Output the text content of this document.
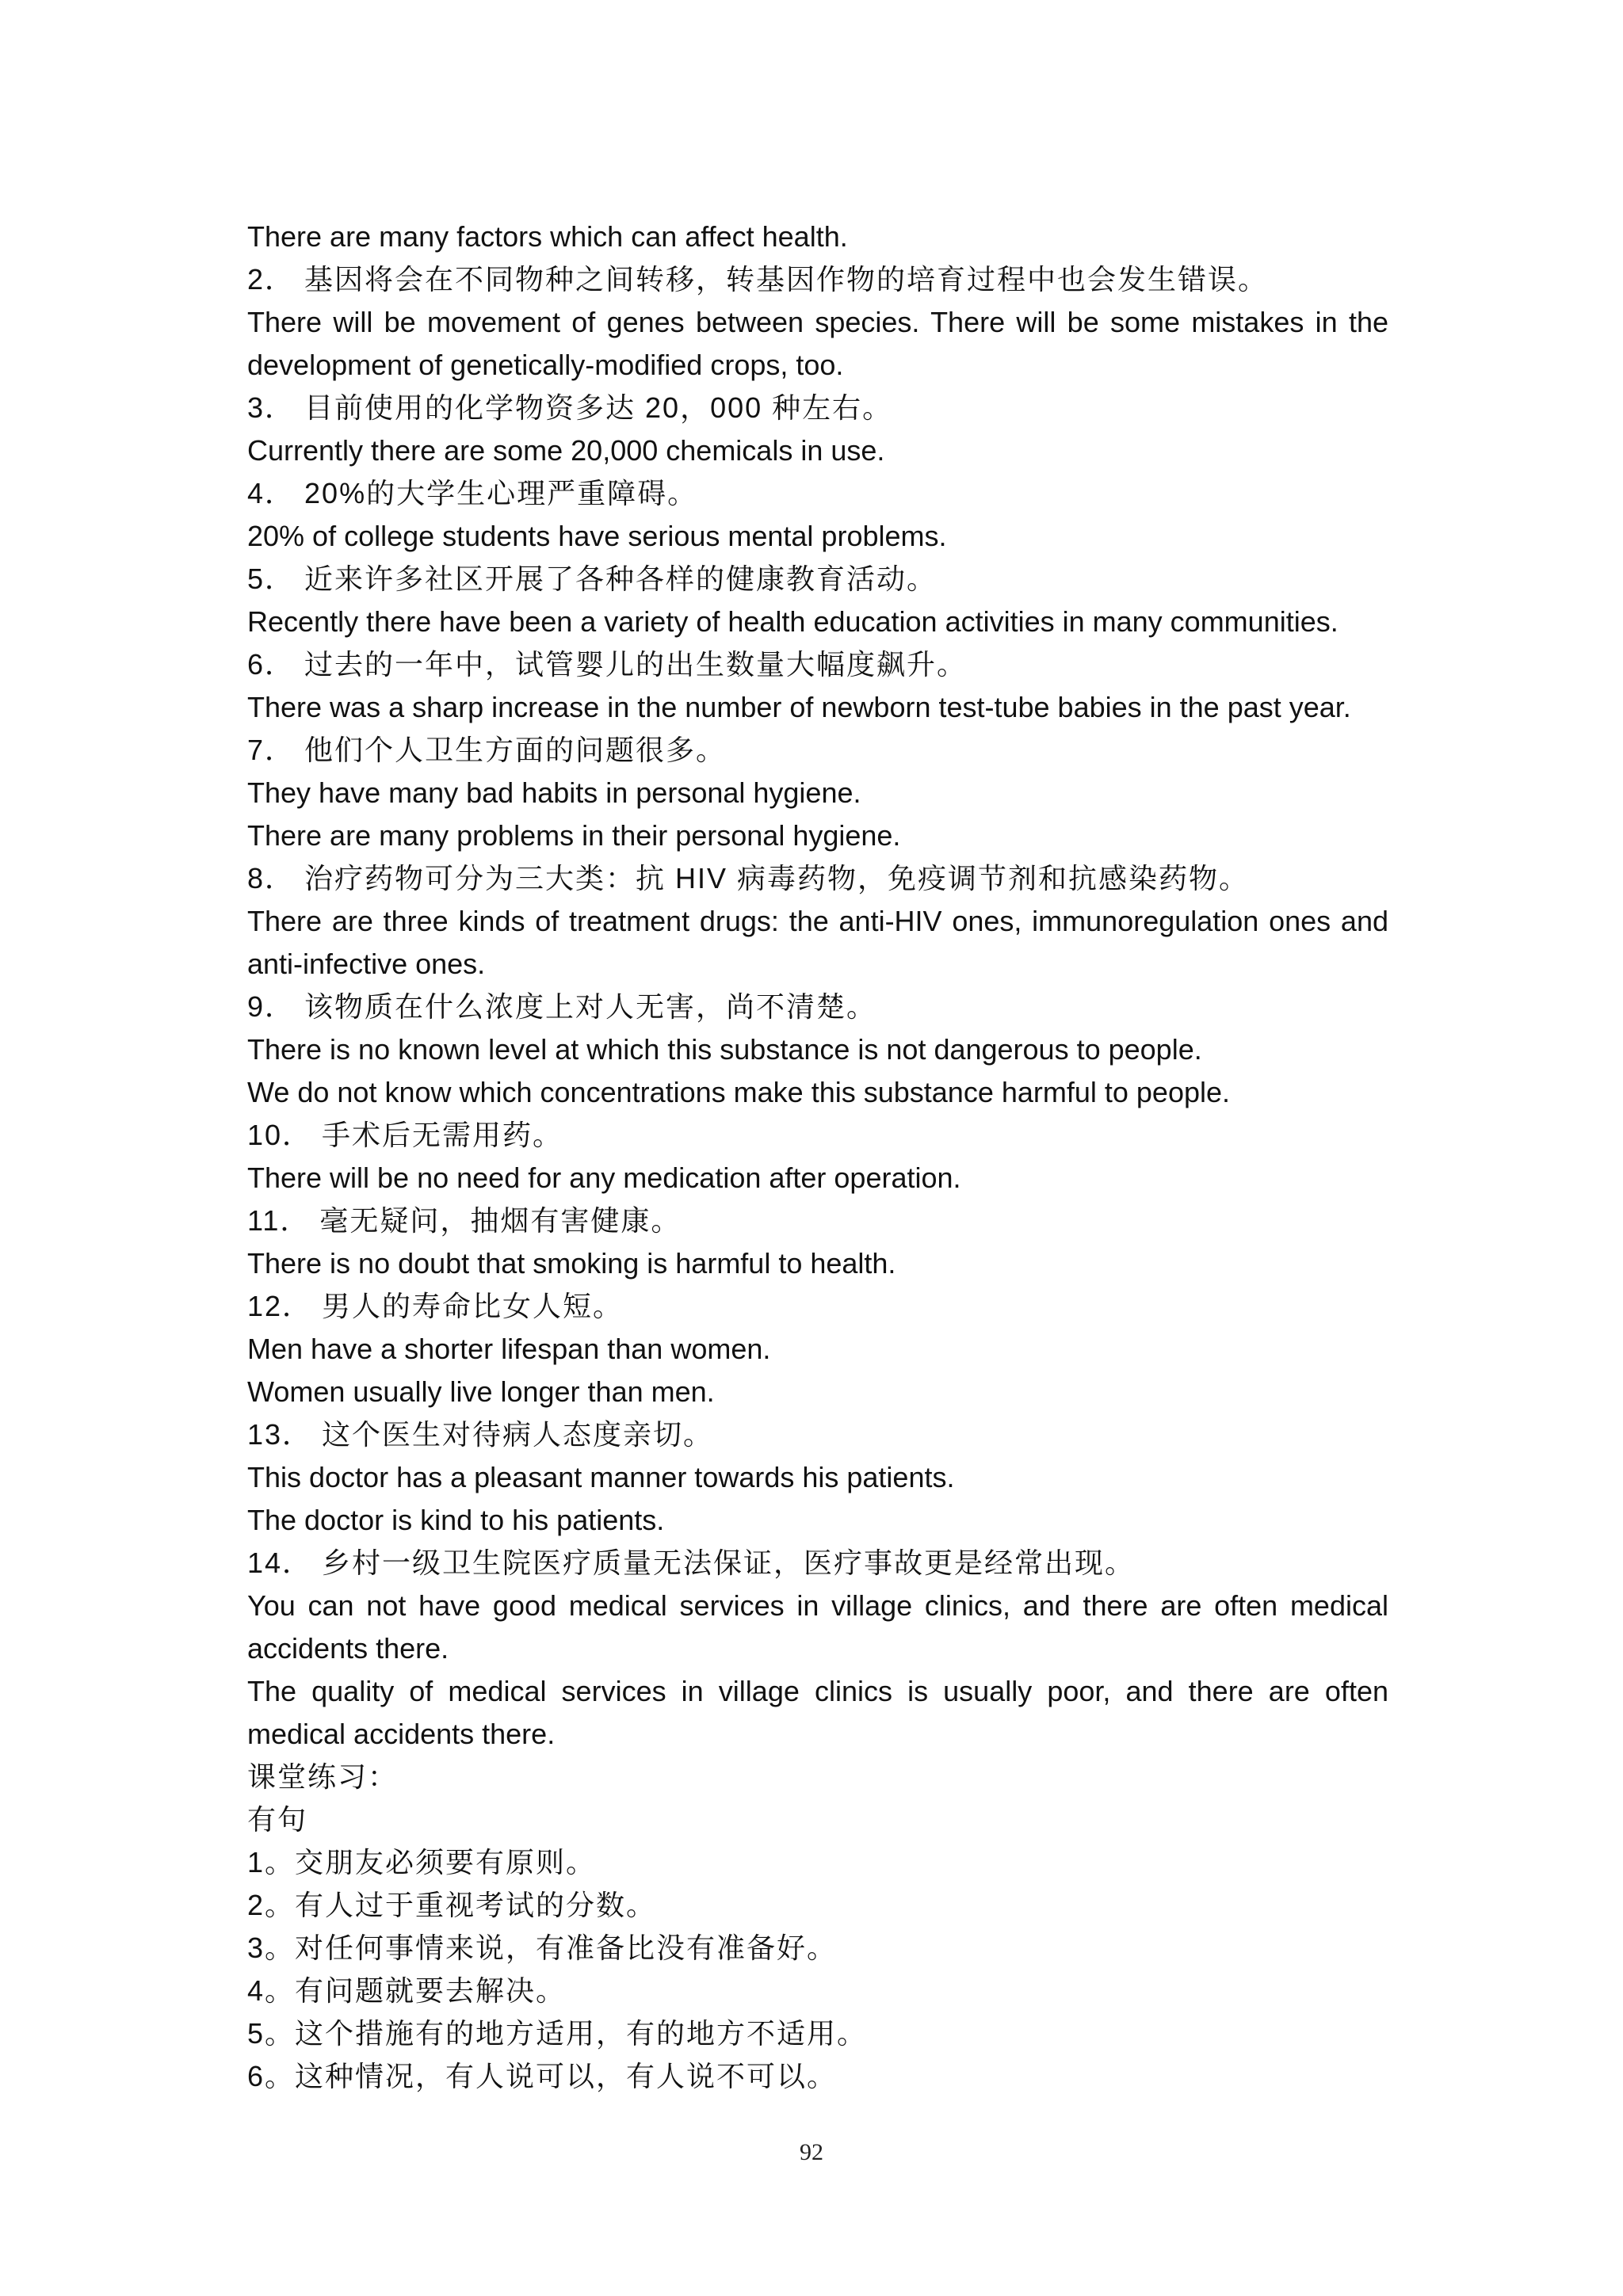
There are many factors which can affect health.

2． 基因将会在不同物种之间转移，转基因作物的培育过程中也会发生错误。

There will be movement of genes between species. There will be some mistakes in the development of genetically-modified crops, too.

3． 目前使用的化学物资多达 20，000 种左右。

Currently there are some 20,000 chemicals in use.

4． 20%的大学生心理严重障碍。

20% of college students have serious mental problems.

5． 近来许多社区开展了各种各样的健康教育活动。

Recently there have been a variety of health education activities in many communities.

6． 过去的一年中，试管婴儿的出生数量大幅度飙升。

There was a sharp increase in the number of newborn test-tube babies in the past year.

7． 他们个人卫生方面的问题很多。

They have many bad habits in personal hygiene.

There are many problems in their personal hygiene.

8． 治疗药物可分为三大类：抗 HIV 病毒药物，免疫调节剂和抗感染药物。

There are three kinds of treatment drugs: the anti-HIV ones, immunoregulation ones and anti-infective ones.

9． 该物质在什么浓度上对人无害，尚不清楚。

There is no known level at which this substance is not dangerous to people.

We do not know which concentrations make this substance harmful to people.

10． 手术后无需用药。

There will be no need for any medication after operation.

11． 毫无疑问，抽烟有害健康。

There is no doubt that smoking is harmful to health.

12． 男人的寿命比女人短。

Men have a shorter lifespan than women.

Women usually live longer than men.

13． 这个医生对待病人态度亲切。

This doctor has a pleasant manner towards his patients.

The doctor is kind to his patients.

14． 乡村一级卫生院医疗质量无法保证，医疗事故更是经常出现。

You can not have good medical services in village clinics, and there are often medical accidents there.

The quality of medical services in village clinics is usually poor, and there are often medical accidents there.

课堂练习：

有句

1。交朋友必须要有原则。

2。有人过于重视考试的分数。

3。对任何事情来说，有准备比没有准备好。

4。有问题就要去解决。

5。这个措施有的地方适用，有的地方不适用。

6。这种情况，有人说可以，有人说不可以。

92
